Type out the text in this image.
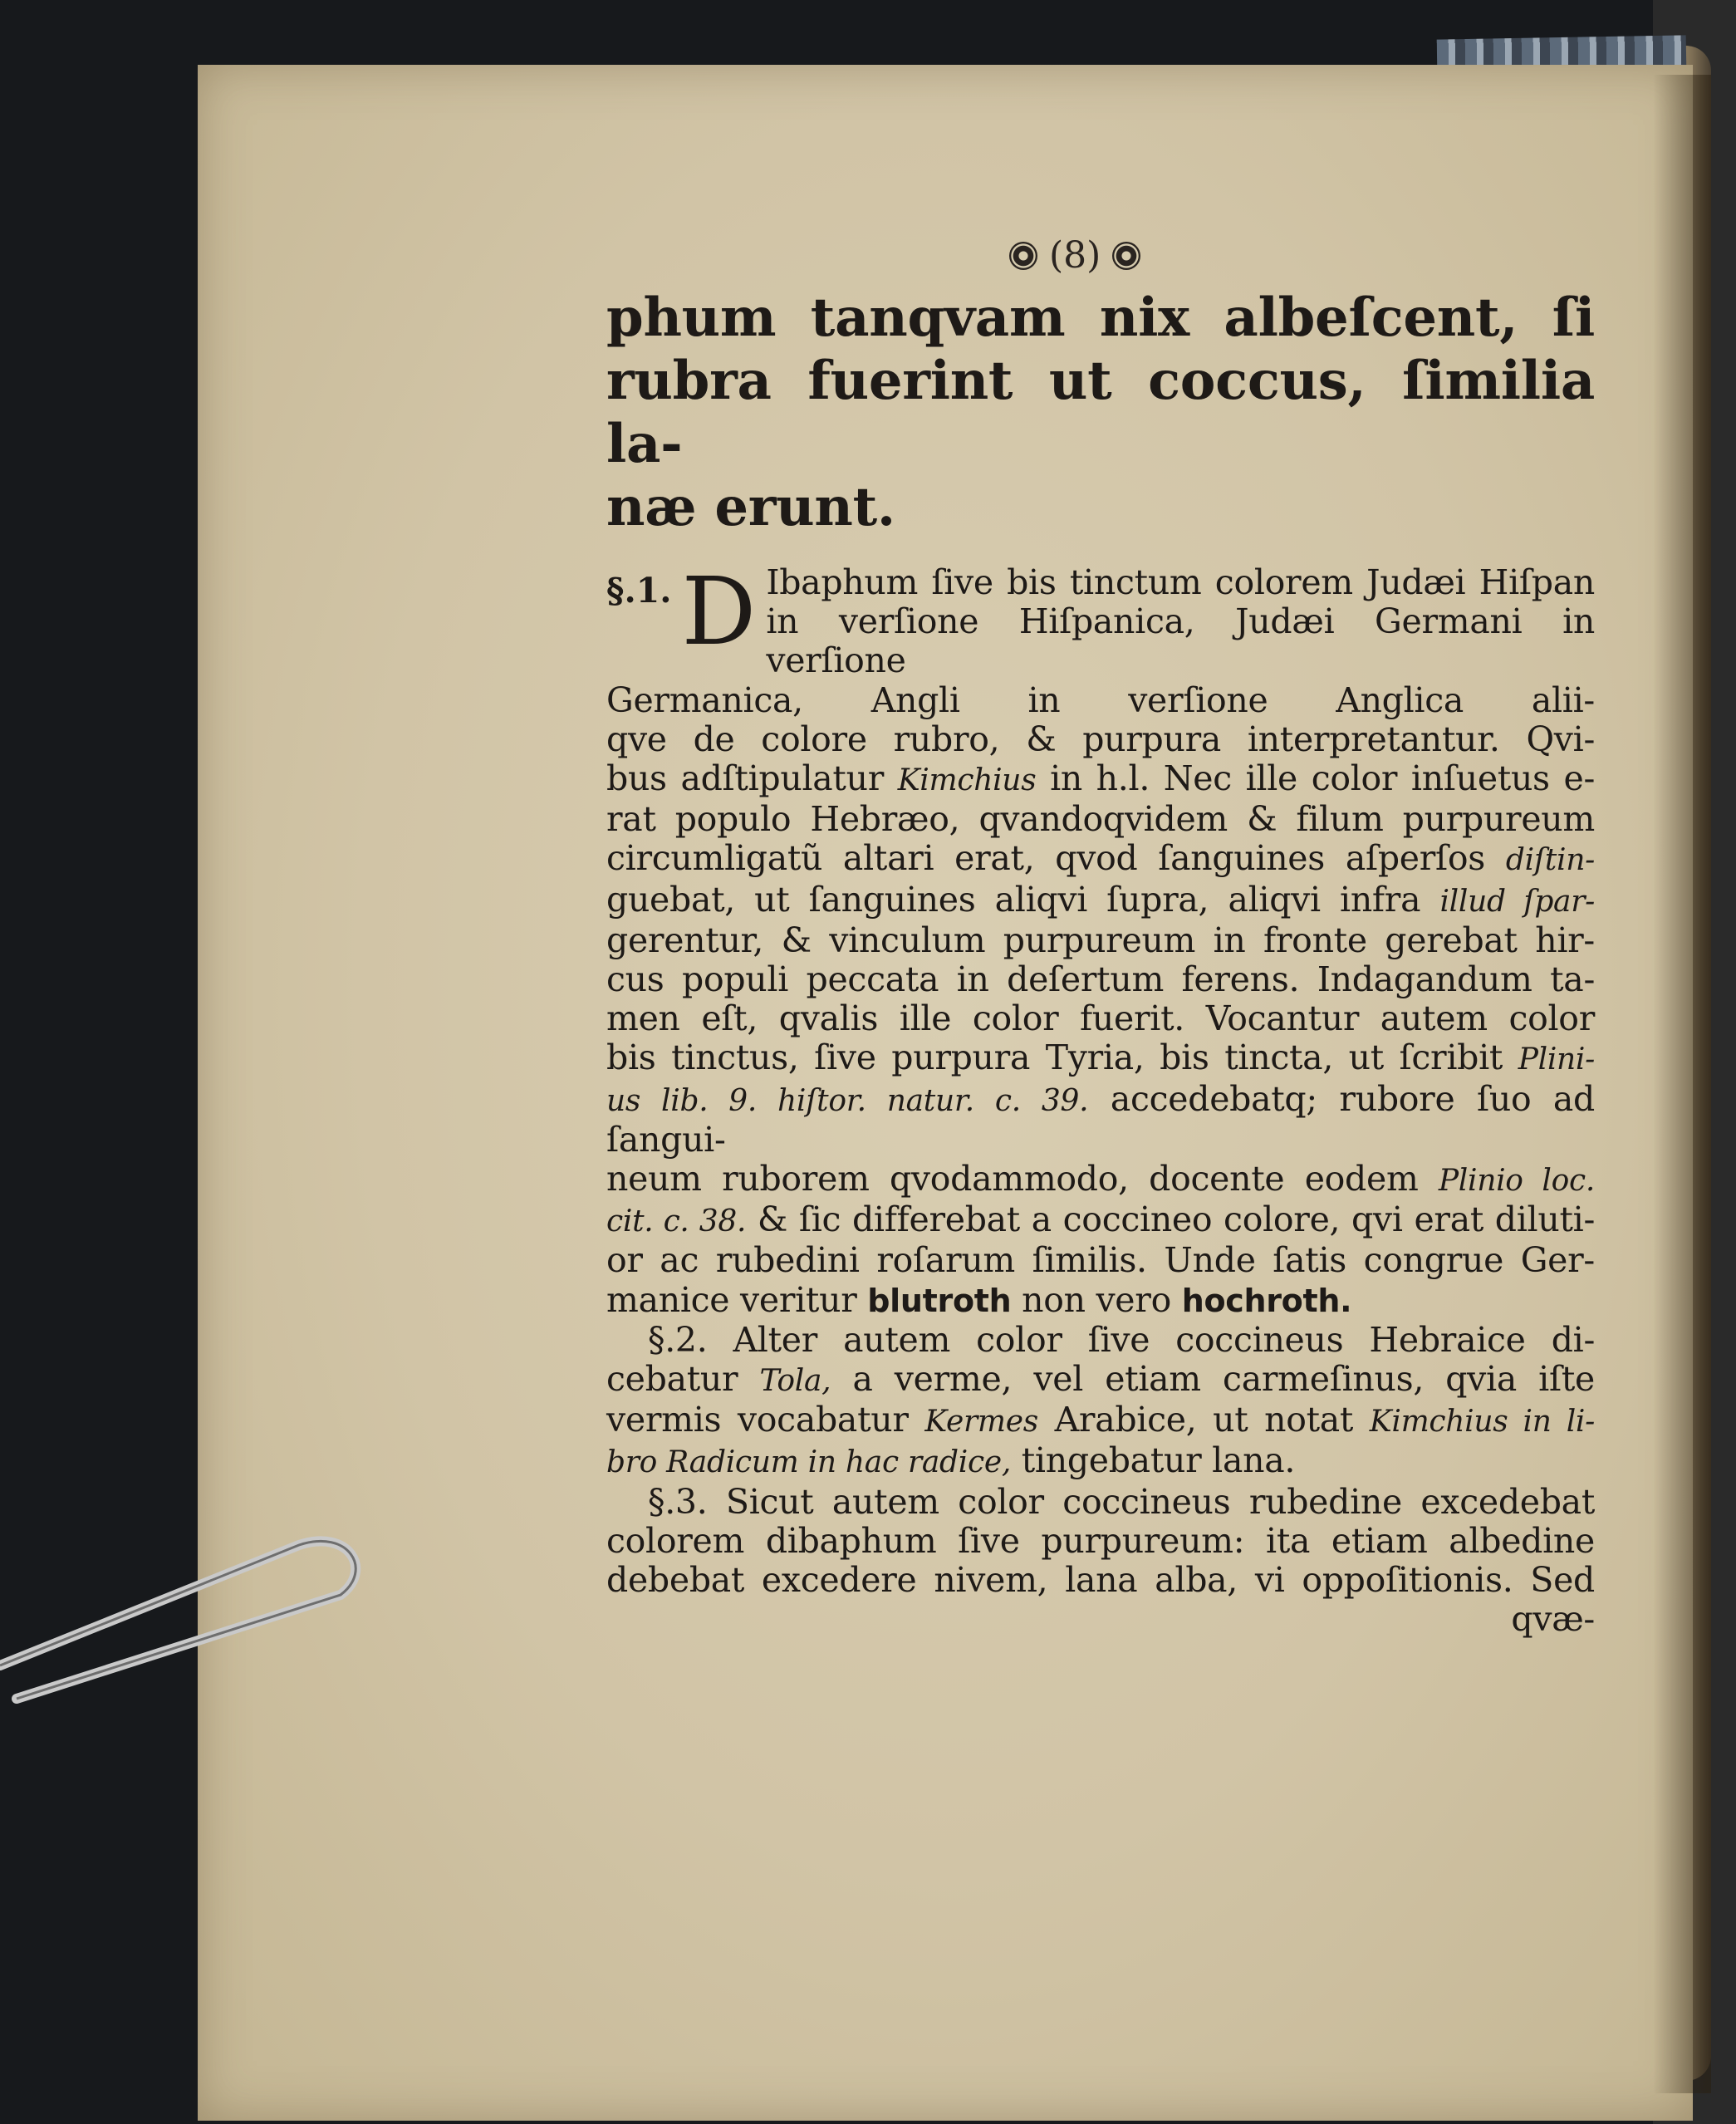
(8)
phum tanqvam nix albeſcent, ſi
rubra fuerint ut coccus, ſimilia la-
næ erunt.
§.1. D Ibaphum ſive bis tinctum colorem Judæi Hiſpan
in verſione Hiſpanica, Judæi Germani in verſione
Germanica, Angli in verſione Anglica alii-
qve de colore rubro, & purpura interpretantur. Qvi-
bus adſtipulatur Kimchius in h.l. Nec ille color inſuetus e-
rat populo Hebræo, qvandoqvidem & filum purpureum
circumligatũ altari erat, qvod ſanguines aſperſos diſtin-
guebat, ut ſanguines aliqvi ſupra, aliqvi infra illud ſpar-
gerentur, & vinculum purpureum in fronte gerebat hir-
cus populi peccata in deſertum ferens. Indagandum ta-
men eſt, qvalis ille color fuerit. Vocantur autem color
bis tinctus, ſive purpura Tyria, bis tincta, ut ſcribit Plini-
us lib. 9. hiſtor. natur. c. 39. accedebatq; rubore ſuo ad ſangui-
neum ruborem qvodammodo, docente eodem Plinio loc.
cit. c. 38. & ſic differebat a coccineo colore, qvi erat diluti-
or ac rubedini roſarum ſimilis. Unde ſatis congrue Ger-
manice veritur blutroth non vero hochroth.
§.2. Alter autem color ſive coccineus Hebraice di-
cebatur Tola, a verme, vel etiam carmeſinus, qvia iſte
vermis vocabatur Kermes Arabice, ut notat Kimchius in li-
bro Radicum in hac radice, tingebatur lana.
§.3. Sicut autem color coccineus rubedine excedebat
colorem dibaphum ſive purpureum: ita etiam albedine
debebat excedere nivem, lana alba, vi oppoſitionis. Sed
qvæ-
